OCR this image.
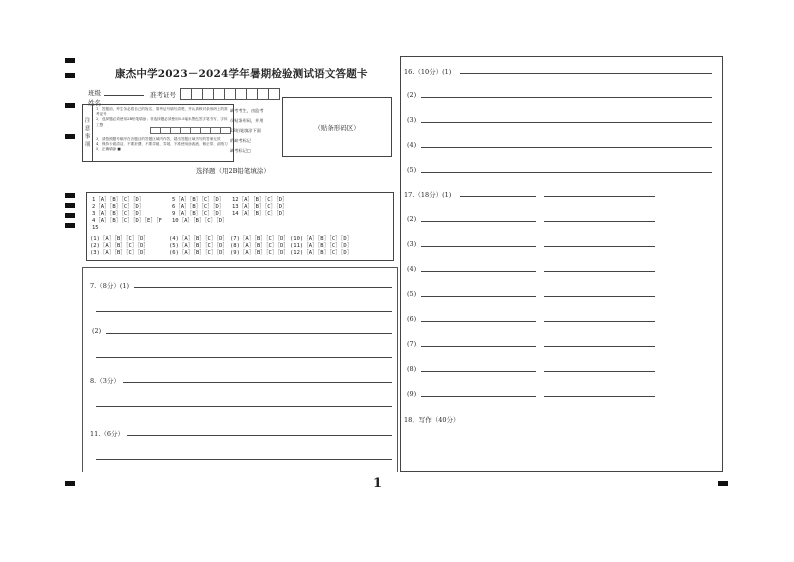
康杰中学2023－2024学年暑期检验测试语文答题卡
班级	准考证号
姓名
注意事项
1．答题前，考生务必将自己的姓名、准考证号填写清楚，并认真核对条形码上的准考证号
2．选择题必须使用2B铅笔填涂；非选择题必须使用0.5毫米黑色签字笔书写，字体工整
3．请按照题号顺序在各题目的答题区域内作答，超出答题区域书写的答案无效
4．保持卡面清洁，不要折叠、不要弄破、弄皱，不准使用涂改液、修正带、刮纸刀
5．正确填涂 ■
缺考考生，由监考
员贴条形码，并用
2B铅笔填涂下面
的缺考标记
缺考标记□
（贴条形码区）
选择题（用2B铅笔填涂）
1［A］［B］［C］［D］
2［A］［B］［C］［D］
3［A］［B］［C］［D］
4［A］［B］［C］［D］［E］［F
5［A］［B］［C］［D］
6［A］［B］［C］［D］
9［A］［B］［C］［D］
10［A］［B］［C］［D］
12［A］［B］［C］［D］
13［A］［B］［C］［D］
14［A］［B］［C］［D］
15
(1)［A］［B］［C］［D］
(2)［A］［B］［C］［D］
(3)［A］［B］［C］［D］
(4)［A］［B］［C］［D］
(5)［A］［B］［C］［D］
(6)［A］［B］［C］［D］
(7)［A］［B］［C］［D］
(8)［A］［B］［C］［D］
(9)［A］［B］［C］［D］
(10)［A］［B］［C］［D］
(11)［A］［B］［C］［D］
(12)［A］［B］［C］［D］
7.（8分）(1)
(2)
8.（3分）
11.（6分）
16.（10分）(1)
(2)
(3)
(4)
(5)
17.（18分）(1)
(2)
(3)
(4)
(5)
(6)
(7)
(8)
(9)
18．写作（40分）
1
